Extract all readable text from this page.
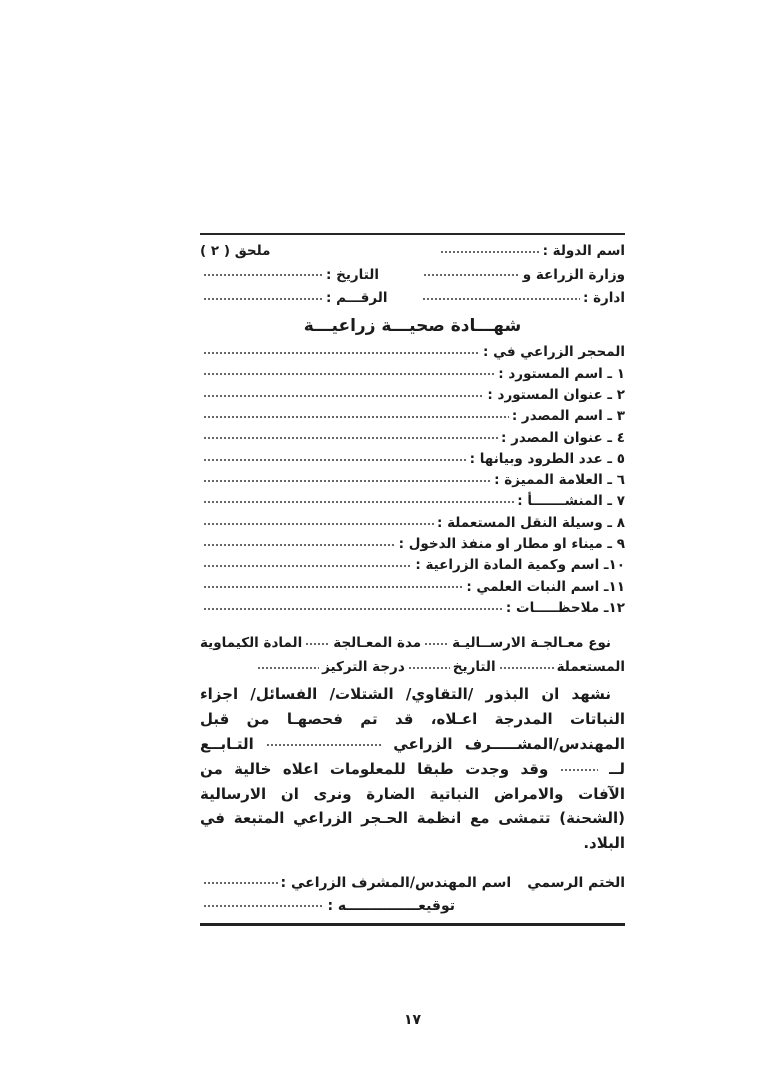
اسم الدولة :
ملحق ( ٢ )
وزارة الزراعة و
التاريخ :
ادارة :
الرقـــم :
شهـــادة صحيـــة زراعيـــة
المحجر الزراعي في :
١ ـ اسم المستورد :
٢ ـ عنوان المستورد :
٣ ـ اسم المصدر :
٤ ـ عنوان المصدر :
٥ ـ عدد الطرود وبيانها :
٦ ـ العلامة المميزة :
٧ ـ المنشـــــــأ :
٨ ـ وسيلة النقل المستعملة :
٩ ـ ميناء او مطار او منفذ الدخول :
١٠ـ اسم وكمية المادة الزراعية :
١١ـ اسم النبات العلمي :
١٢ـ ملاحظـــــات :
نوع معـالجـة الارســاليـة
مدة المعـالجة
المادة الكيماوية
المستعملة
التاريخ
درجة التركيز

نشهد ان البذور /التقاوي/ الشتلات/ الفسائل/ اجزاء النباتات المدرجة اعـلاه، قد تم فحصهـا من قبل المهندس/المشـــــرف الزراعي  التـابــع لــ  وقد وجدت طبقا للمعلومات اعلاه خالية من الآفات والامراض النباتية الضارة ونرى ان الارسالية (الشحنة) تتمشى مع انظمة الحـجر الزراعي المتبعة في البلاد.

الختم الرسمي
اسم المهندس/المشرف الزراعي :
توقيعـــــــــــــــه :
١٧
